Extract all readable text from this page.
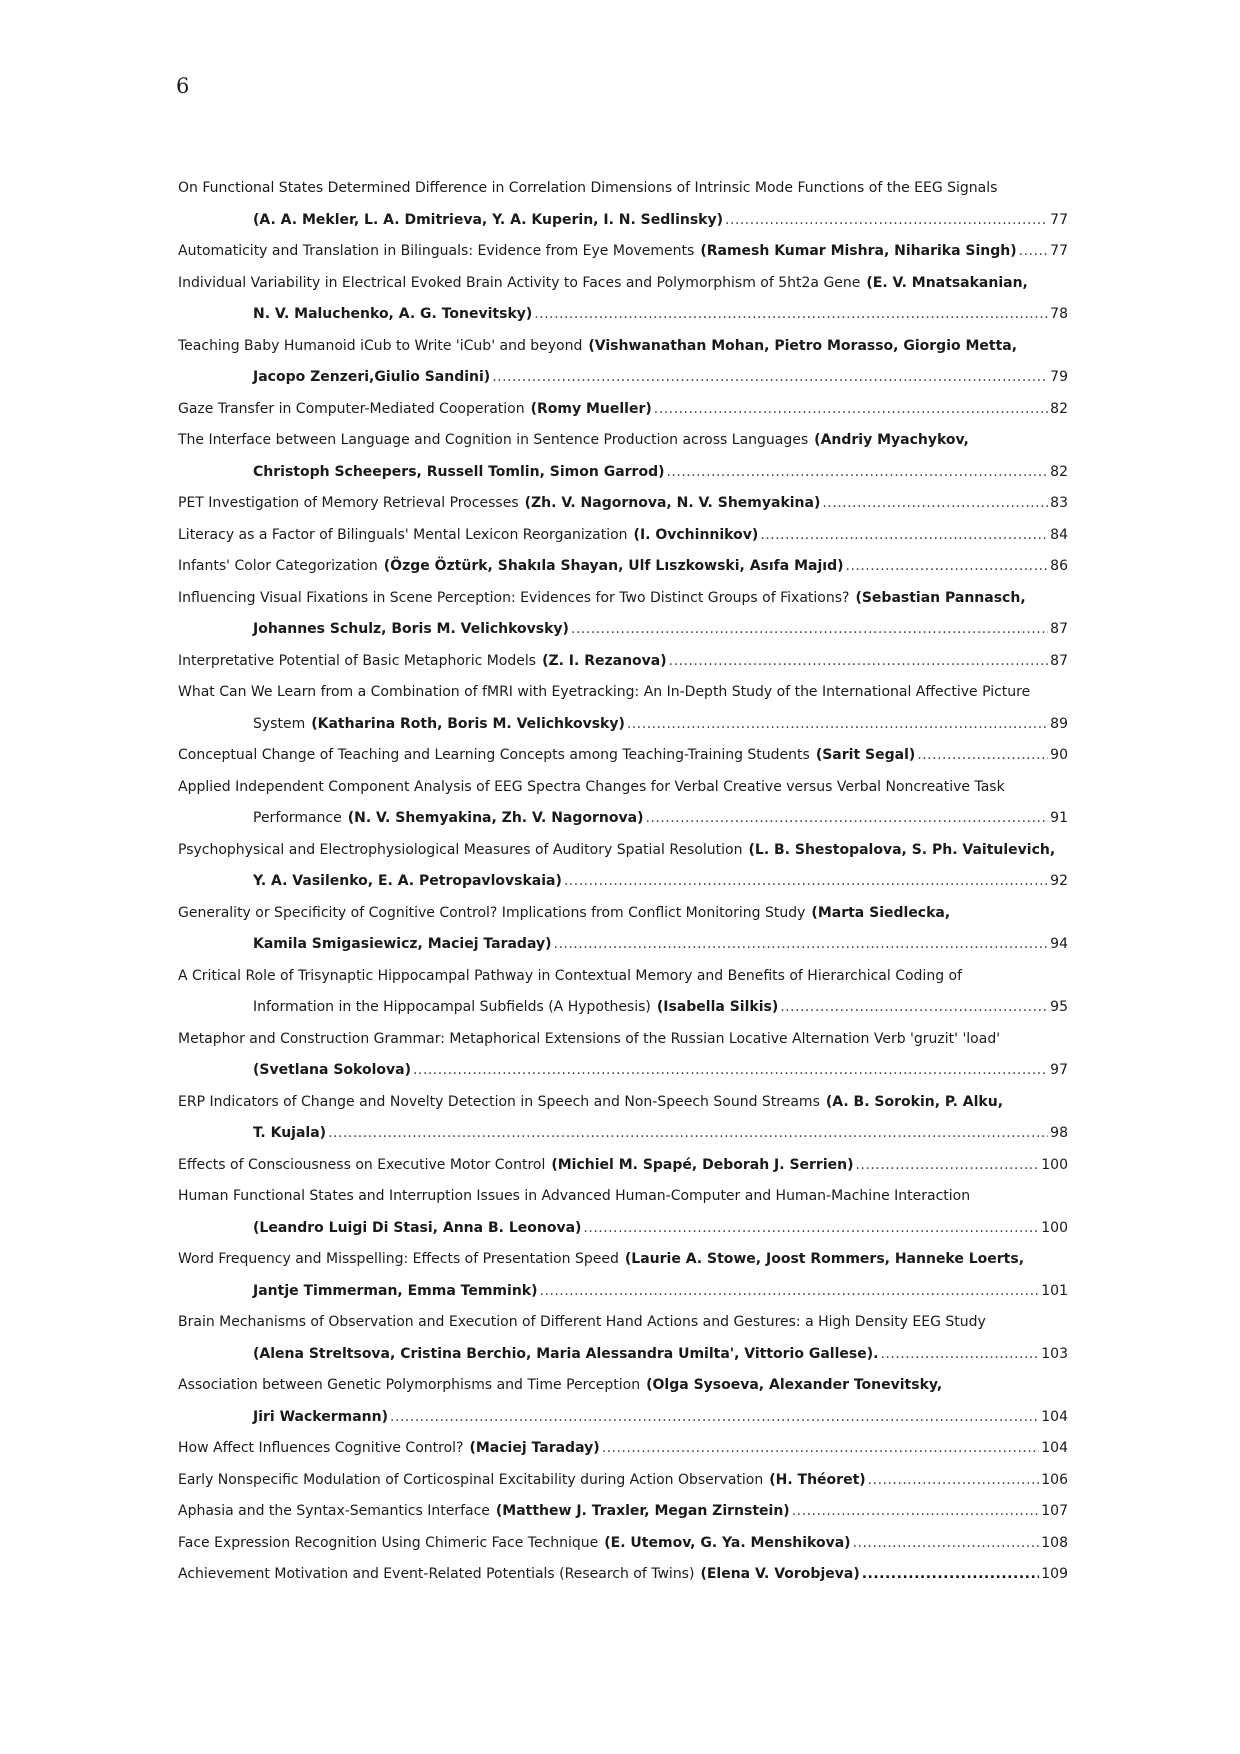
6
On Functional States Determined Difference in Correlation Dimensions of Intrinsic Mode Functions of the EEG Signals
(A. A. Mekler, L. A. Dmitrieva, Y. A. Kuperin, I. N. Sedlinsky) .....	77
Automaticity and Translation in Bilinguals: Evidence from Eye Movements (Ramesh Kumar Mishra, Niharika Singh) ..... 77
Individual Variability in Electrical Evoked Brain Activity to Faces and Polymorphism of 5ht2a Gene (E. V. Mnatsakanian,
N. V. Maluchenko, A. G. Tonevitsky) .....	78
Teaching Baby Humanoid iCub to Write 'iCub' and beyond (Vishwanathan Mohan, Pietro Morasso, Giorgio Metta,
Jacopo Zenzeri,Giulio Sandini) .....	79
Gaze Transfer in Computer-Mediated Cooperation (Romy Mueller) .....	82
The Interface between Language and Cognition in Sentence Production across Languages (Andriy Myachykov,
Christoph Scheepers, Russell Tomlin, Simon Garrod) .....	82
PET Investigation of Memory Retrieval Processes (Zh. V. Nagornova, N. V. Shemyakina) .....	83
Literacy as a Factor of Bilinguals' Mental Lexicon Reorganization (I. Ovchinnikov) .....	84
Infants' Color Categorization (Özge Öztürk, Shakıla Shayan, Ulf Lıszkowski, Asıfa Majıd) .....	86
Influencing Visual Fixations in Scene Perception: Evidences for Two Distinct Groups of Fixations? (Sebastian Pannasch,
Johannes Schulz, Boris M. Velichkovsky) .....	87
Interpretative Potential of Basic Metaphoric Models (Z. I. Rezanova) .....	87
What Can We Learn from a Combination of fMRI with Eyetracking: An In-Depth Study of the International Affective Picture
System (Katharina Roth, Boris M. Velichkovsky) .....	89
Conceptual Change of Teaching and Learning Concepts among Teaching-Training Students (Sarit Segal) .....	90
Applied Independent Component Analysis of EEG Spectra Changes for Verbal Creative versus Verbal Noncreative Task
Performance (N. V. Shemyakina, Zh. V. Nagornova) .....	91
Psychophysical and Electrophysiological Measures of Auditory Spatial Resolution (L. B. Shestopalova, S. Ph. Vaitulevich,
Y. A. Vasilenko, E. A. Petropavlovskaia) .....	92
Generality or Specificity of Cognitive Control? Implications from Conflict Monitoring Study (Marta Siedlecka,
Kamila Smigasiewicz, Maciej Taraday) .....	94
A Critical Role of Trisynaptic Hippocampal Pathway in Contextual Memory and Benefits of Hierarchical Coding of
Information in the Hippocampal Subfields (A Hypothesis) (Isabella Silkis) .....	95
Metaphor and Construction Grammar: Metaphorical Extensions of the Russian Locative Alternation Verb 'gruzit' 'load'
(Svetlana Sokolova) .....	97
ERP Indicators of Change and Novelty Detection in Speech and Non-Speech Sound Streams (A. B. Sorokin, P. Alku,
T. Kujala) .....	98
Effects of Consciousness on Executive Motor Control (Michiel M. Spapé, Deborah J. Serrien) .....	100
Human Functional States and Interruption Issues in Advanced Human-Computer and Human-Machine Interaction
(Leandro Luigi Di Stasi, Anna B. Leonova) .....	100
Word Frequency and Misspelling: Effects of Presentation Speed (Laurie A. Stowe, Joost Rommers, Hanneke Loerts,
Jantje Timmerman, Emma Temmink) .....	101
Brain Mechanisms of Observation and Execution of Different Hand Actions and Gestures: a High Density EEG Study
(Alena Streltsova, Cristina Berchio, Maria Alessandra Umilta', Vittorio Gallese). .....	103
Association between Genetic Polymorphisms and Time Perception (Olga Sysoeva, Alexander Tonevitsky,
Jiri Wackermann) .....	104
How Affect Influences Cognitive Control? (Maciej Taraday) .....	104
Early Nonspecific Modulation of Corticospinal Excitability during Action Observation (H. Théoret) .....	106
Aphasia and the Syntax-Semantics Interface (Matthew J. Traxler, Megan Zirnstein) .....	107
Face Expression Recognition Using Chimeric Face Technique (E. Utemov, G. Ya. Menshikova) .....	108
Achievement Motivation and Event-Related Potentials (Research of Twins) (Elena V. Vorobjeva) .....	109
